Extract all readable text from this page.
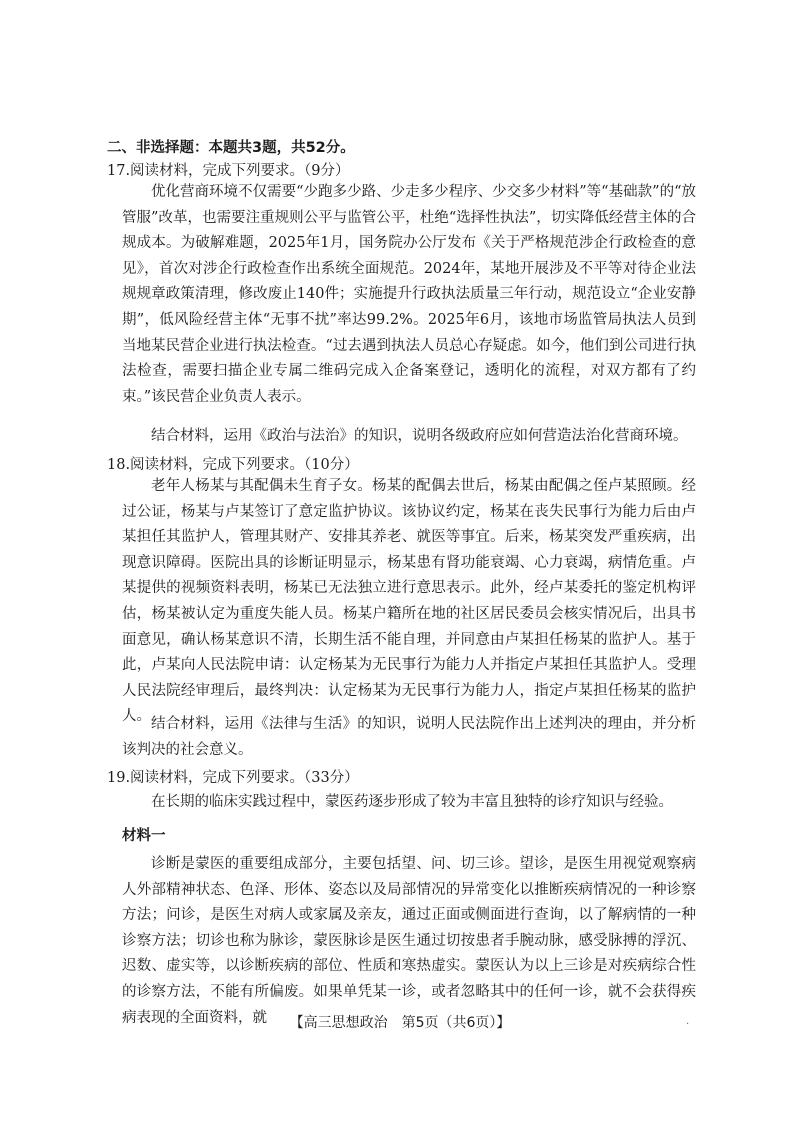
二、非选择题：本题共3题，共52分。
17.阅读材料，完成下列要求。（9分）

优化营商环境不仅需要“少跑多少路、少走多少程序、少交多少材料”等“基础款”的“放管服”改革，也需要注重规则公平与监管公平，杜绝“选择性执法”，切实降低经营主体的合规成本。为破解难题，2025年1月，国务院办公厅发布《关于严格规范涉企行政检查的意见》，首次对涉企行政检查作出系统全面规范。2024年，某地开展涉及不平等对待企业法规规章政策清理，修改废止140件；实施提升行政执法质量三年行动，规范设立“企业安静期”，低风险经营主体“无事不扰”率达99.2%。2025年6月，该地市场监管局执法人员到当地某民营企业进行执法检查。“过去遇到执法人员总心存疑虑。如今，他们到公司进行执法检查，需要扫描企业专属二维码完成入企备案登记，透明化的流程，对双方都有了约束。”该民营企业负责人表示。

结合材料，运用《政治与法治》的知识，说明各级政府应如何营造法治化营商环境。

18.阅读材料，完成下列要求。（10分）

老年人杨某与其配偶未生育子女。杨某的配偶去世后，杨某由配偶之侄卢某照顾。经过公证，杨某与卢某签订了意定监护协议。该协议约定，杨某在丧失民事行为能力后由卢某担任其监护人，管理其财产、安排其养老、就医等事宜。后来，杨某突发严重疾病，出现意识障碍。医院出具的诊断证明显示，杨某患有肾功能衰竭、心力衰竭，病情危重。卢某提供的视频资料表明，杨某已无法独立进行意思表示。此外，经卢某委托的鉴定机构评估，杨某被认定为重度失能人员。杨某户籍所在地的社区居民委员会核实情况后，出具书面意见，确认杨某意识不清，长期生活不能自理，并同意由卢某担任杨某的监护人。基于此，卢某向人民法院申请：认定杨某为无民事行为能力人并指定卢某担任其监护人。受理人民法院经审理后，最终判决：认定杨某为无民事行为能力人，指定卢某担任杨某的监护人。 结合材料，运用《法律与生活》的知识，说明人民法院作出上述判决的理由，并分析该判决的社会意义。

19.阅读材料，完成下列要求。（33分）

在长期的临床实践过程中，蒙医药逐步形成了较为丰富且独特的诊疗知识与经验。

材料一

诊断是蒙医的重要组成部分，主要包括望、问、切三诊。望诊，是医生用视觉观察病人外部精神状态、色泽、形体、姿态以及局部情况的异常变化以推断疾病情况的一种诊察方法；问诊，是医生对病人或家属及亲友，通过正面或侧面进行查询，以了解病情的一种诊察方法；切诊也称为脉诊，蒙医脉诊是医生通过切按患者手腕动脉，感受脉搏的浮沉、迟数、虚实等，以诊断疾病的部位、性质和寒热虚实。蒙医认为以上三诊是对疾病综合性的诊察方法，不能有所偏废。如果单凭某一诊，或者忽略其中的任何一诊，就不会获得疾病表现的全面资料，就	【高三思想政治　第5页（共6页）】	.
